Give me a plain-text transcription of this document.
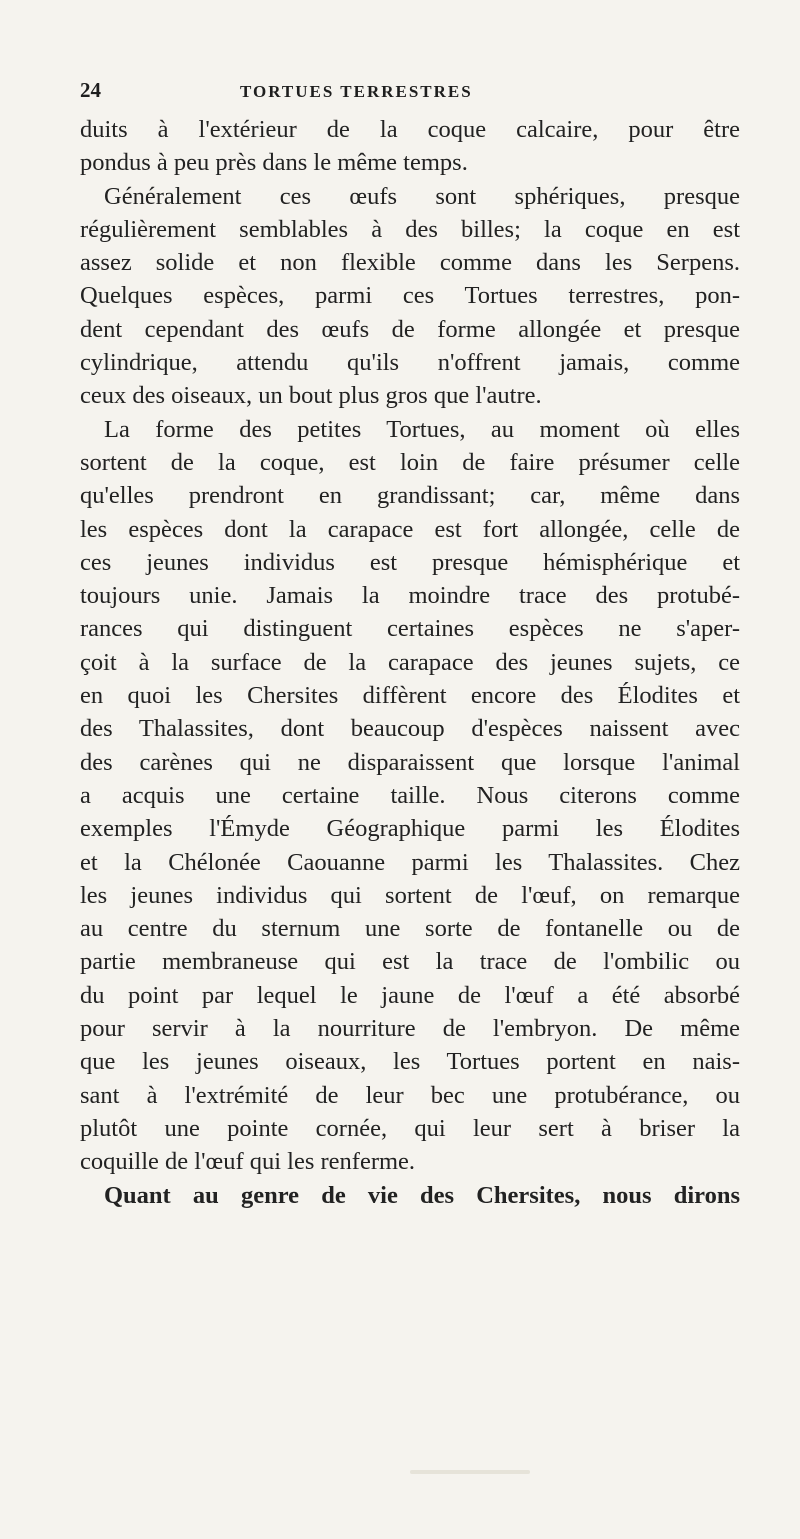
24	TORTUES TERRESTRES
duits à l'extérieur de la coque calcaire, pour être
pondus à peu près dans le même temps.
Généralement ces œufs sont sphériques, presque
régulièrement semblables à des billes; la coque en est
assez solide et non flexible comme dans les Serpens.
Quelques espèces, parmi ces Tortues terrestres, pon-
dent cependant des œufs de forme allongée et presque
cylindrique, attendu qu'ils n'offrent jamais, comme
ceux des oiseaux, un bout plus gros que l'autre.
La forme des petites Tortues, au moment où elles
sortent de la coque, est loin de faire présumer celle
qu'elles prendront en grandissant; car, même dans
les espèces dont la carapace est fort allongée, celle de
ces jeunes individus est presque hémisphérique et
toujours unie. Jamais la moindre trace des protubé-
rances qui distinguent certaines espèces ne s'aper-
çoit à la surface de la carapace des jeunes sujets, ce
en quoi les Chersites diffèrent encore des Élodites et
des Thalassites, dont beaucoup d'espèces naissent avec
des carènes qui ne disparaissent que lorsque l'animal
a acquis une certaine taille. Nous citerons comme
exemples l'Émyde Géographique parmi les Élodites
et la Chélonée Caouanne parmi les Thalassites. Chez
les jeunes individus qui sortent de l'œuf, on remarque
au centre du sternum une sorte de fontanelle ou de
partie membraneuse qui est la trace de l'ombilic ou
du point par lequel le jaune de l'œuf a été absorbé
pour servir à la nourriture de l'embryon. De même
que les jeunes oiseaux, les Tortues portent en nais-
sant à l'extrémité de leur bec une protubérance, ou
plutôt une pointe cornée, qui leur sert à briser la
coquille de l'œuf qui les renferme.
Quant au genre de vie des Chersites, nous dirons
